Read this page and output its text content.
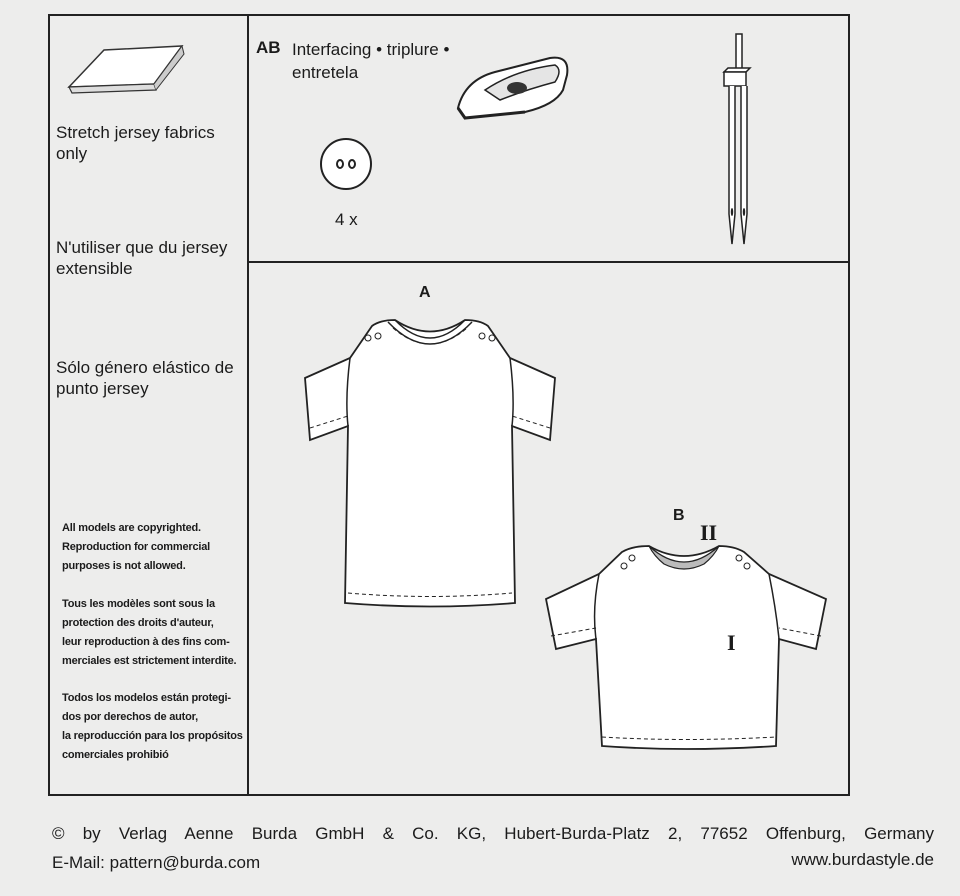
Stretch jersey fabrics only
N'utiliser que du jersey extensible
Sólo género elástico de punto jersey
All models are copyrighted.
Reproduction for commercial
purposes is not allowed.
Tous les modèles sont sous la
protection des droits d'auteur,
leur reproduction à des fins com-
merciales est strictement interdite.
Todos los modelos están protegi-
dos por derechos de autor,
la reproducción para los propósitos
comerciales prohibió
AB Interfacing • triplure •
entretela
4 x
A
B
II
I
© by Verlag Aenne Burda GmbH & Co. KG, Hubert-Burda-Platz 2, 77652 Offenburg, Germany
E-Mail: pattern@burda.com	www.burdastyle.de
